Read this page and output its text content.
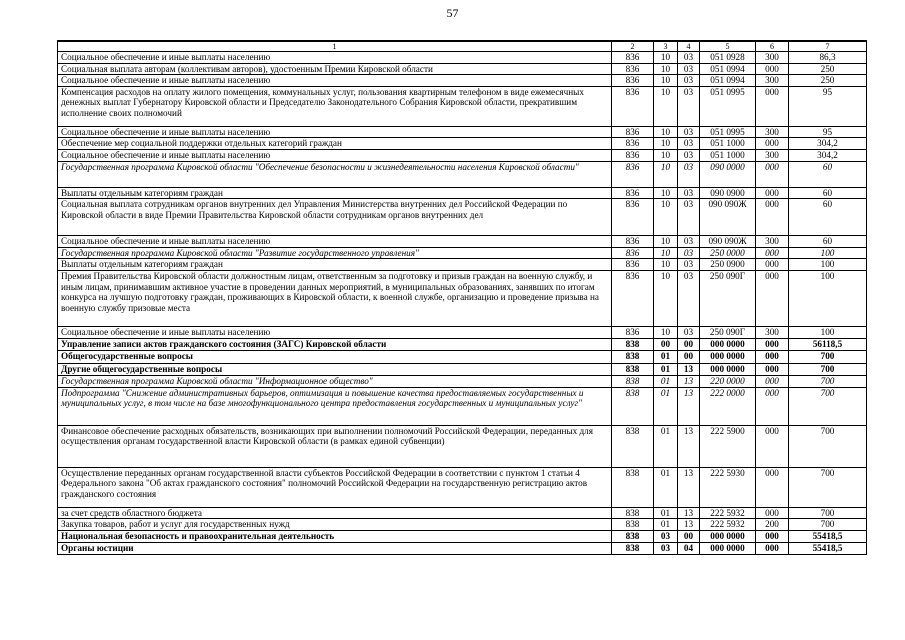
57
1	2	3	4	5	6	7
Социальное обеспечение и иные выплаты населению	836	10	03	051 0928	300	86,3
Социальная выплата авторам (коллективам авторов), удостоенным Премии Кировской области	836	10	03	051 0994	000	250
Социальное обеспечение и иные выплаты населению	836	10	03	051 0994	300	250
Компенсация расходов на оплату жилого помещения, коммунальных услуг, пользования квартирным телефоном в виде ежемесячных денежных выплат Губернатору Кировской области и Председателю Законодательного Собрания Кировской области, прекратившим исполнение своих полномочий	836	10	03	051 0995	000	95
Социальное обеспечение и иные выплаты населению	836	10	03	051 0995	300	95
Обеспечение мер социальной поддержки отдельных категорий граждан	836	10	03	051 1000	000	304,2
Социальное обеспечение и иные выплаты населению	836	10	03	051 1000	300	304,2
Государственная программа Кировской области "Обеспечение безопасности и жизнедеятельности населения Кировской области"	836	10	03	090 0000	000	60
Выплаты отдельным категориям граждан	836	10	03	090 0900	000	60
Социальная выплата сотрудникам органов внутренних дел Управления Министерства внутренних дел Российской Федерации по Кировской области в виде Премии Правительства Кировской области сотрудникам органов внутренних дел	836	10	03	090 090Ж	000	60
Социальное обеспечение и иные выплаты населению	836	10	03	090 090Ж	300	60
Государственная программа Кировской области "Развитие государственного управления"	836	10	03	250 0000	000	100
Выплаты отдельным категориям граждан	836	10	03	250 0900	000	100
Премия Правительства Кировской области должностным лицам, ответственным за подготовку и призыв граждан на военную службу, и иным лицам, принимавшим активное участие в проведении данных мероприятий, в муниципальных образованиях, занявших по итогам конкурса на лучшую подготовку граждан, проживающих в Кировской области, к военной службе, организацию и проведение призыва на военную службу призовые места	836	10	03	250 090Г	000	100
Социальное обеспечение и иные выплаты населению	836	10	03	250 090Г	300	100
Управление записи актов гражданского состояния (ЗАГС) Кировской области	838	00	00	000 0000	000	56118,5
Общегосударственные вопросы	838	01	00	000 0000	000	700
Другие общегосударственные вопросы	838	01	13	000 0000	000	700
Государственная программа Кировской области "Информационное общество"	838	01	13	220 0000	000	700
Подпрограмма "Снижение административных барьеров, оптимизация и повышение качества предоставляемых государственных и муниципальных услуг, в том числе на базе многофункционального центра предоставления государственных и муниципальных услуг"	838	01	13	222 0000	000	700
Финансовое обеспечение расходных обязательств, возникающих при выполнении полномочий Российской Федерации, переданных для осуществления органам государственной власти Кировской области (в рамках единой субвенции)	838	01	13	222 5900	000	700
Осуществление переданных органам государственной власти субъектов Российской Федерации в соответствии с пунктом 1 статьи 4 Федерального закона "Об актах гражданского состояния" полномочий Российской Федерации на государственную регистрацию актов гражданского состояния	838	01	13	222 5930	000	700
за счет средств областного бюджета	838	01	13	222 5932	000	700
Закупка товаров, работ и услуг для государственных нужд	838	01	13	222 5932	200	700
Национальная безопасность и правоохранительная деятельность	838	03	00	000 0000	000	55418,5
Органы юстиции	838	03	04	000 0000	000	55418,5
